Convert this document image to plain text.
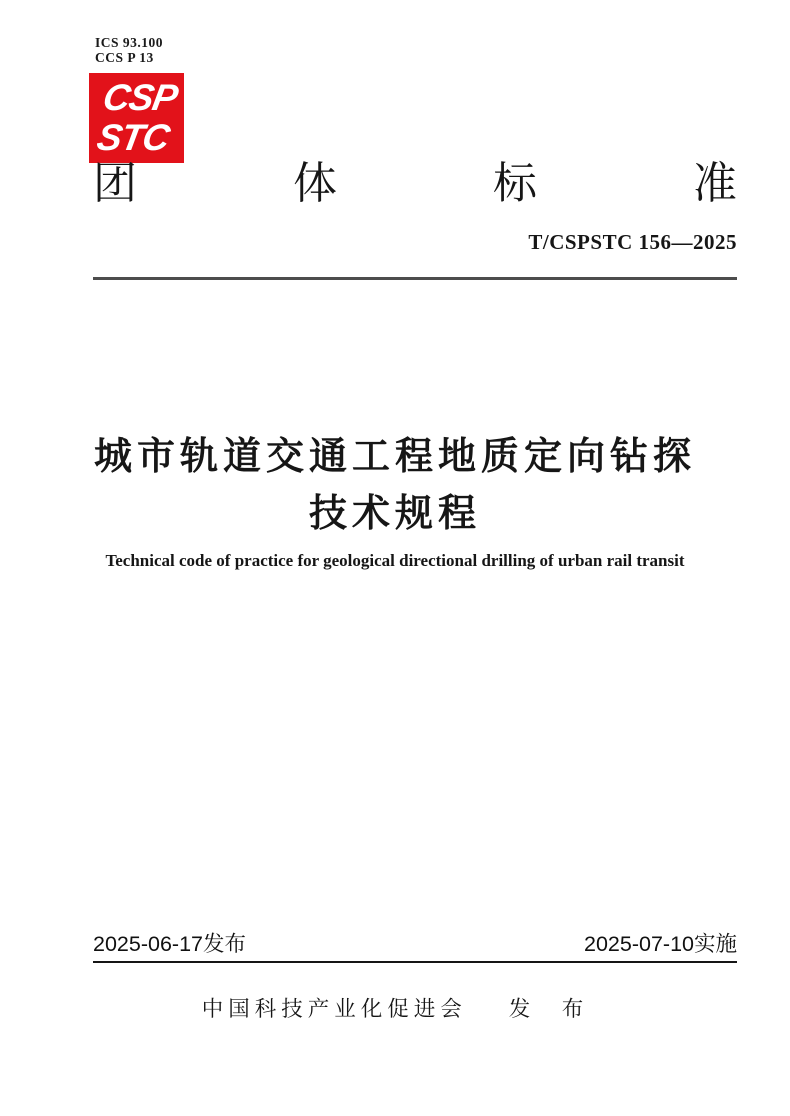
ICS 93.100
CCS P 13
CSP
STC
团	体	标	准
T/CSPSTC 156—2025
城市轨道交通工程地质定向钻探
技术规程
Technical code of practice for geological directional drilling of urban rail transit
2025-06-17发布	2025-07-10实施
中国科技产业化促进会 发　布
